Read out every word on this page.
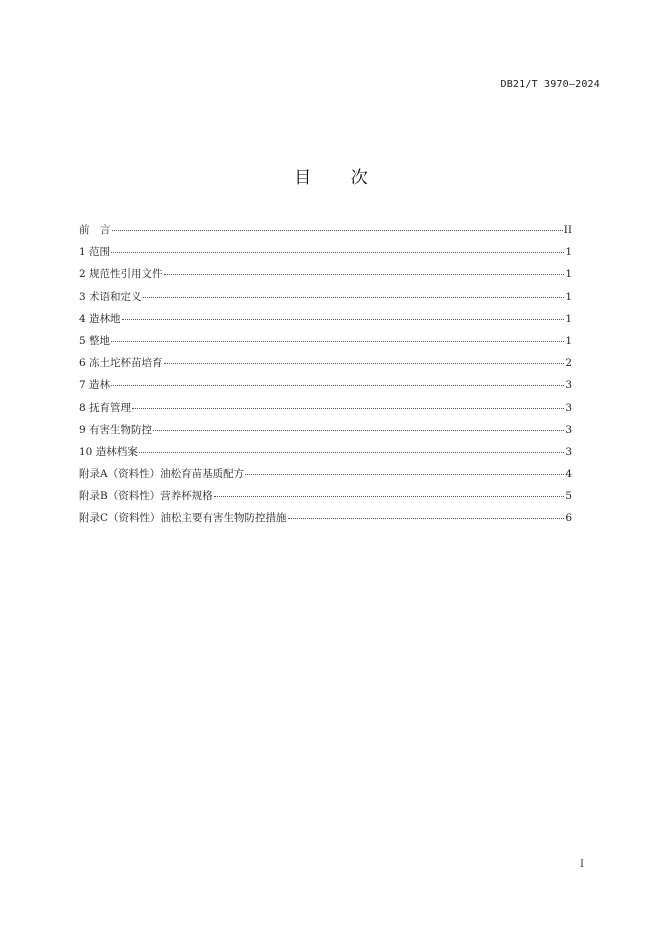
DB21/T 3970—2024
目 次
前　言	II
1 范围	1
2 规范性引用文件	1
3 术语和定义	1
4 造林地	1
5 整地	1
6 冻土坨杯苗培育	2
7 造林	3
8 抚育管理	3
9 有害生物防控	3
10 造林档案	3
附录A（资料性）油松育苗基质配方	4
附录B（资料性）营养杯规格	5
附录C（资料性）油松主要有害生物防控措施	6
I
